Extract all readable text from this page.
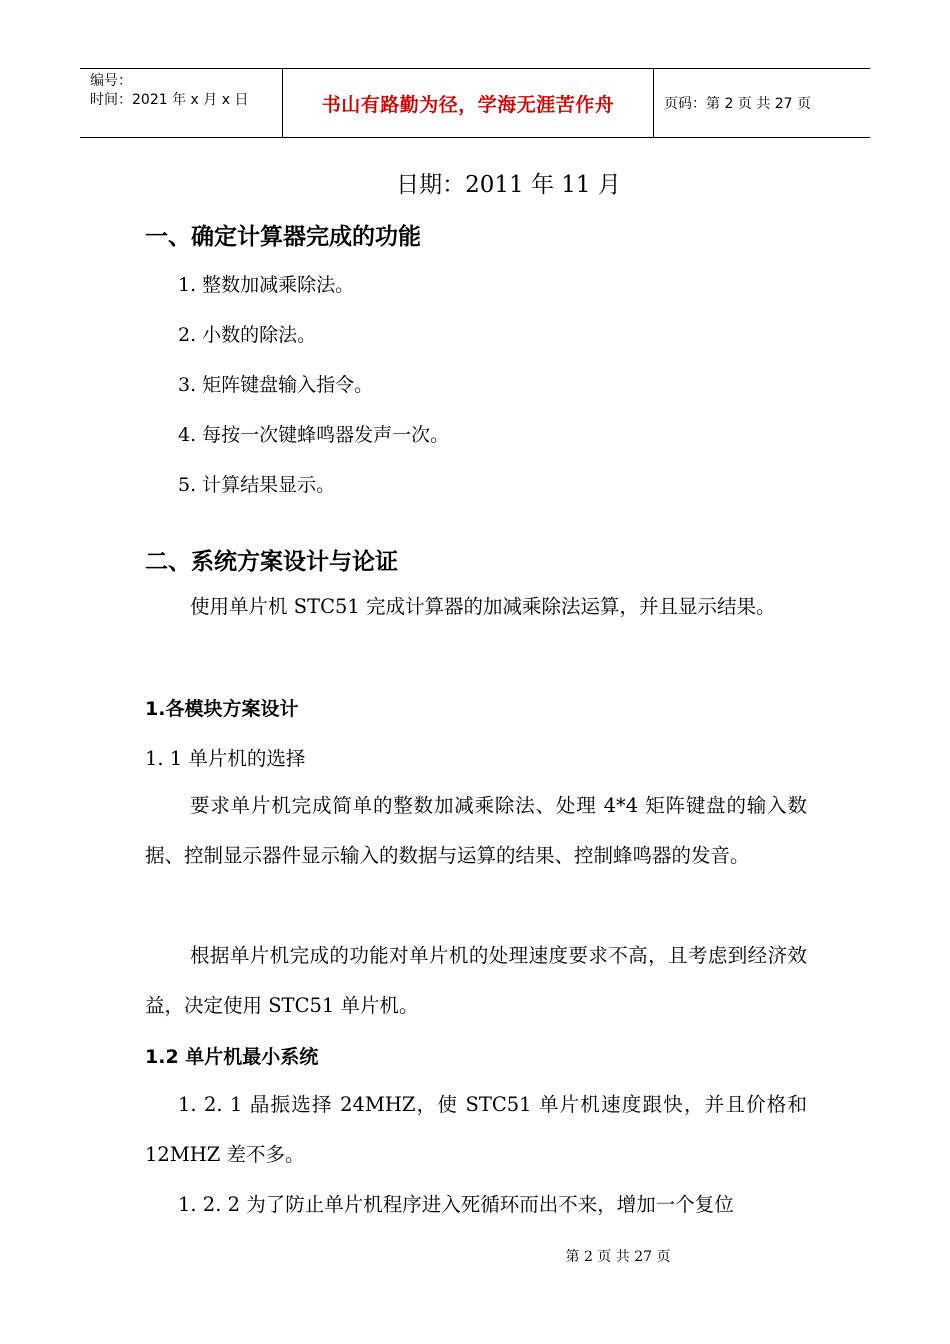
编号：
时间：2021 年 x 月 x 日	书山有路勤为径，学海无涯苦作舟	页码：第 2 页 共 27 页
日期：2011 年 11 月
一、确定计算器完成的功能
1. 整数加减乘除法。
2. 小数的除法。
3. 矩阵键盘输入指令。
4. 每按一次键蜂鸣器发声一次。
5. 计算结果显示。
二、系统方案设计与论证
使用单片机 STC51 完成计算器的加减乘除法运算，并且显示结果。
1.各模块方案设计
1. 1 单片机的选择
要求单片机完成简单的整数加减乘除法、处理 4*4 矩阵键盘的输入数据、控制显示器件显示输入的数据与运算的结果、控制蜂鸣器的发音。
根据单片机完成的功能对单片机的处理速度要求不高，且考虑到经济效益，决定使用 STC51 单片机。
1.2 单片机最小系统
1. 2. 1 晶振选择 24MHZ，使 STC51 单片机速度跟快，并且价格和 12MHZ 差不多。
1. 2. 2 为了防止单片机程序进入死循环而出不来，增加一个复位
第 2 页 共 27 页
